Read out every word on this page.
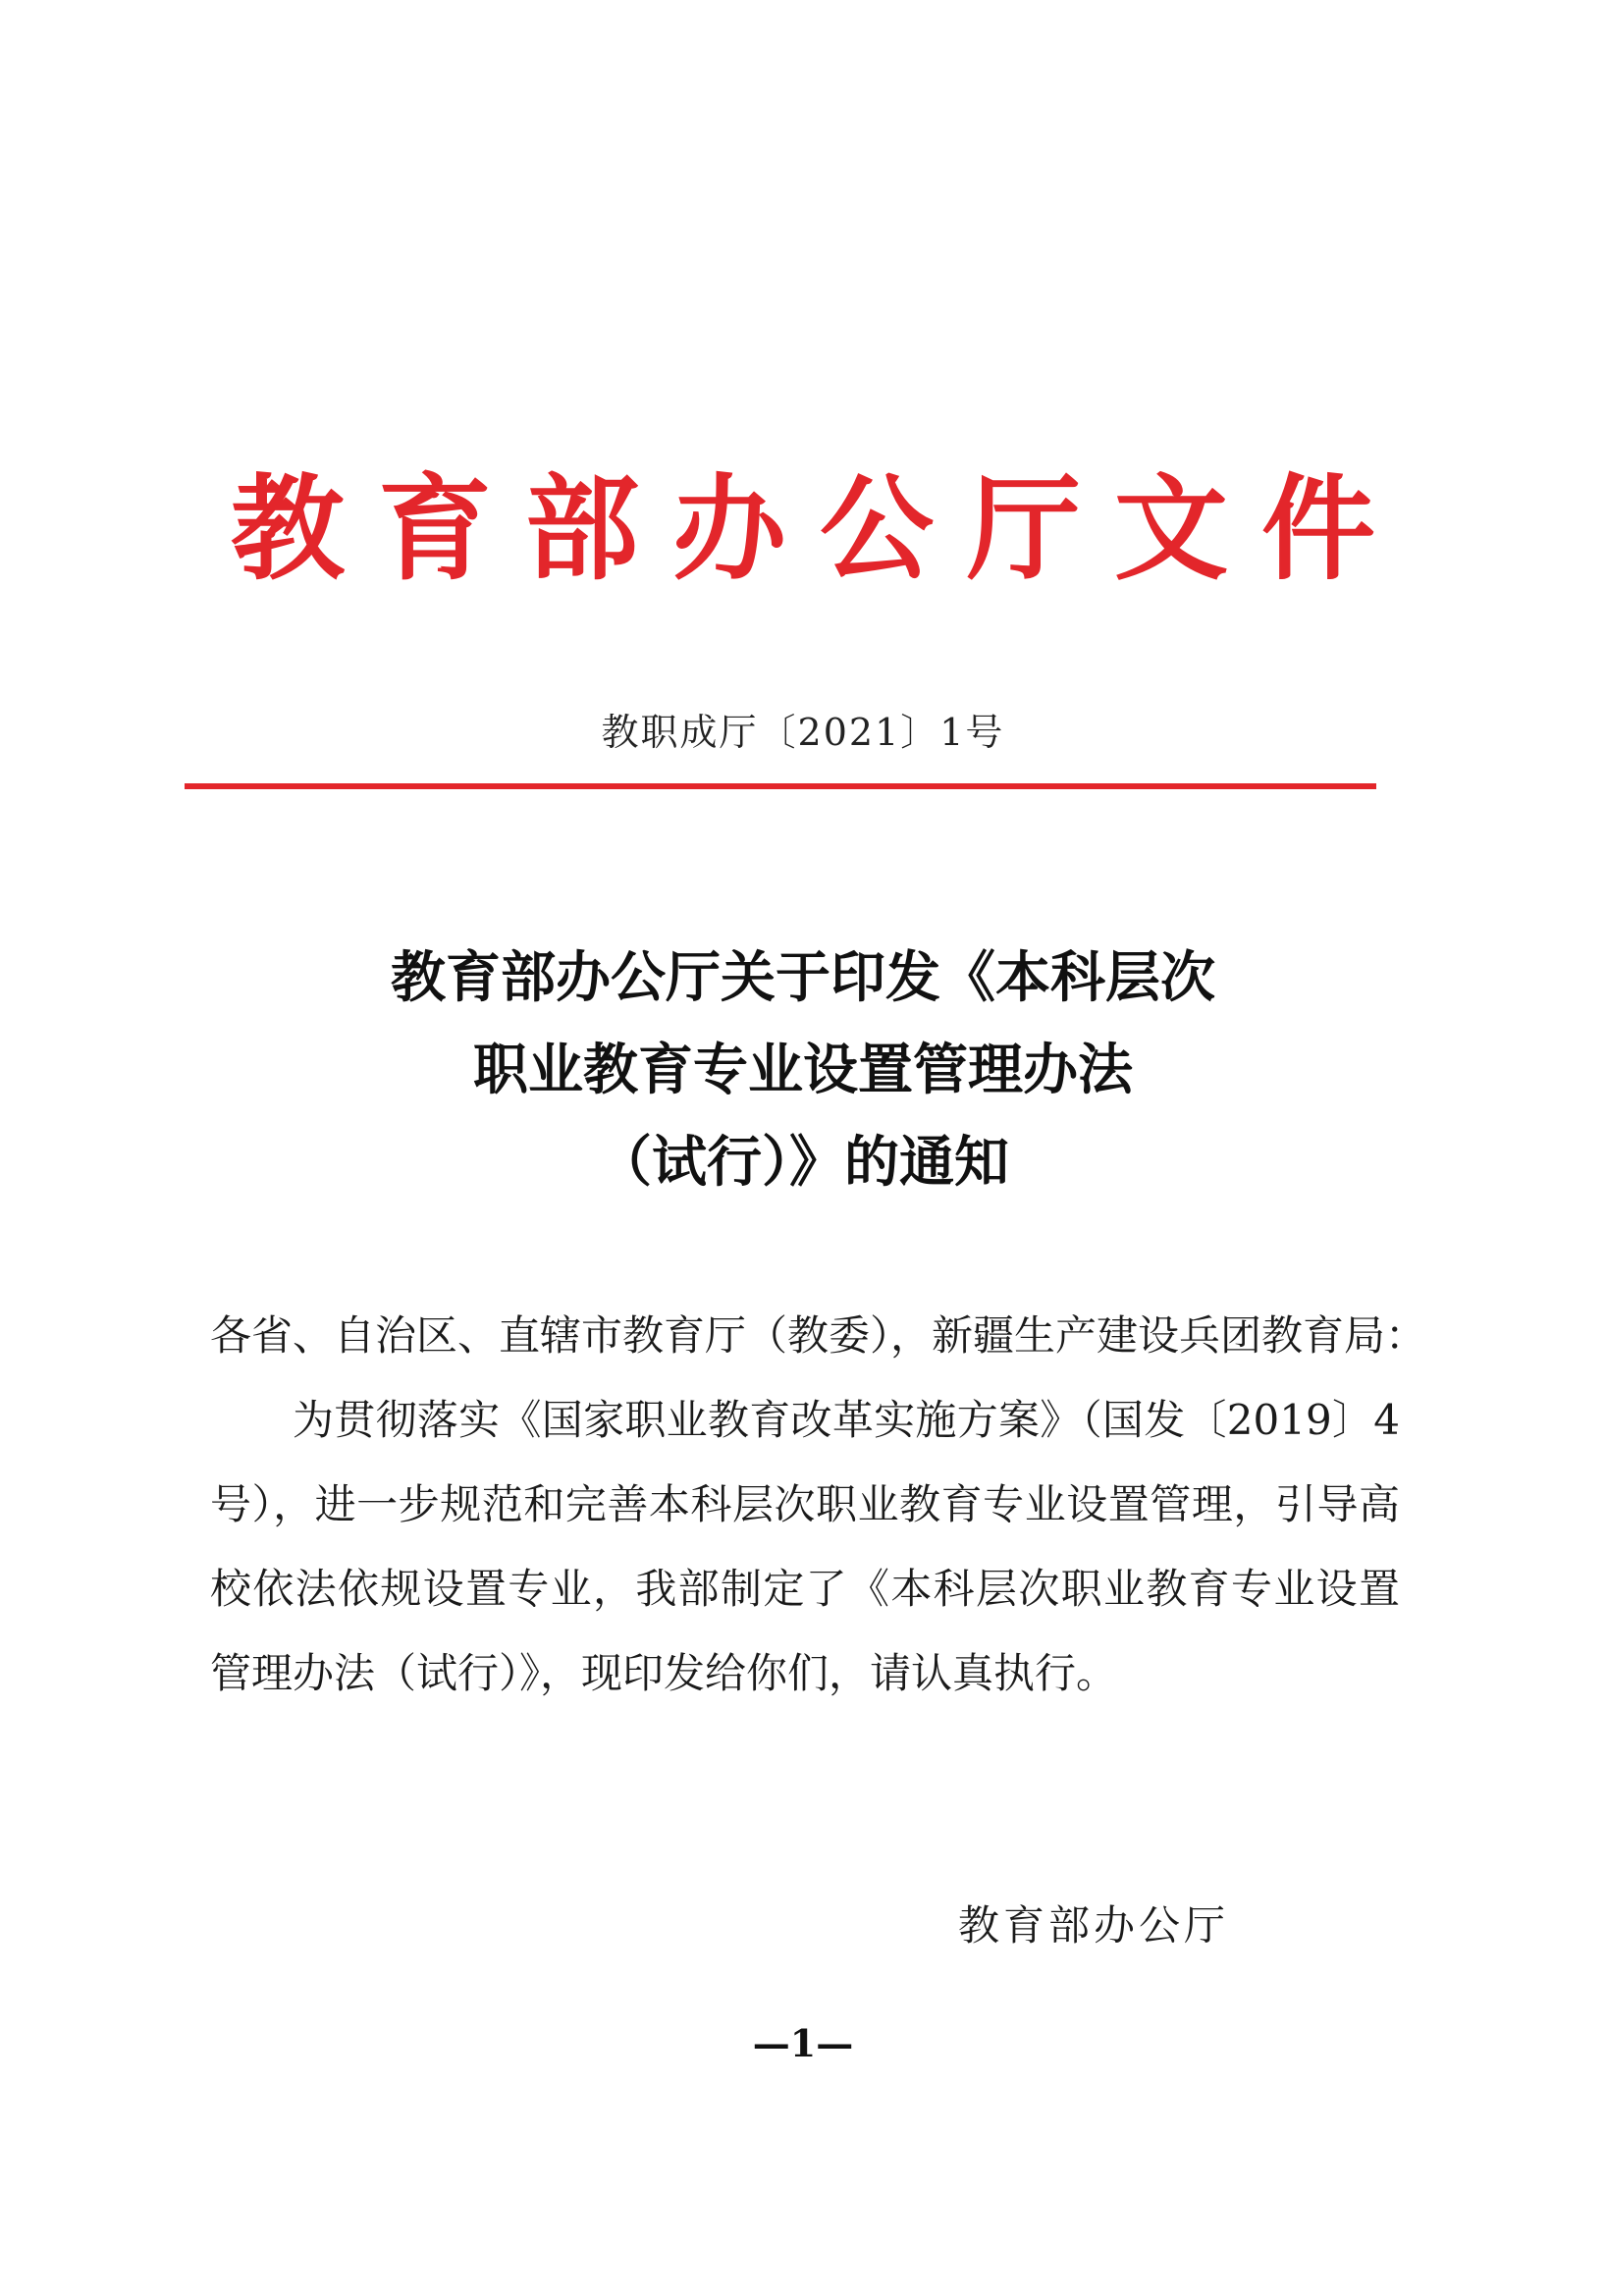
教育部办公厅文件
教职成厅〔2021〕1号
教育部办公厅关于印发《本科层次
职业教育专业设置管理办法
（试行）》的通知

各省、自治区、直辖市教育厅（教委），新疆生产建设兵团教育局：

为贯彻落实《国家职业教育改革实施方案》（国发〔2019〕4号），进一步规范和完善本科层次职业教育专业设置管理，引导高校依法依规设置专业，我部制定了《本科层次职业教育专业设置管理办法（试行）》，现印发给你们，请认真执行。

教育部办公厅
—1—
